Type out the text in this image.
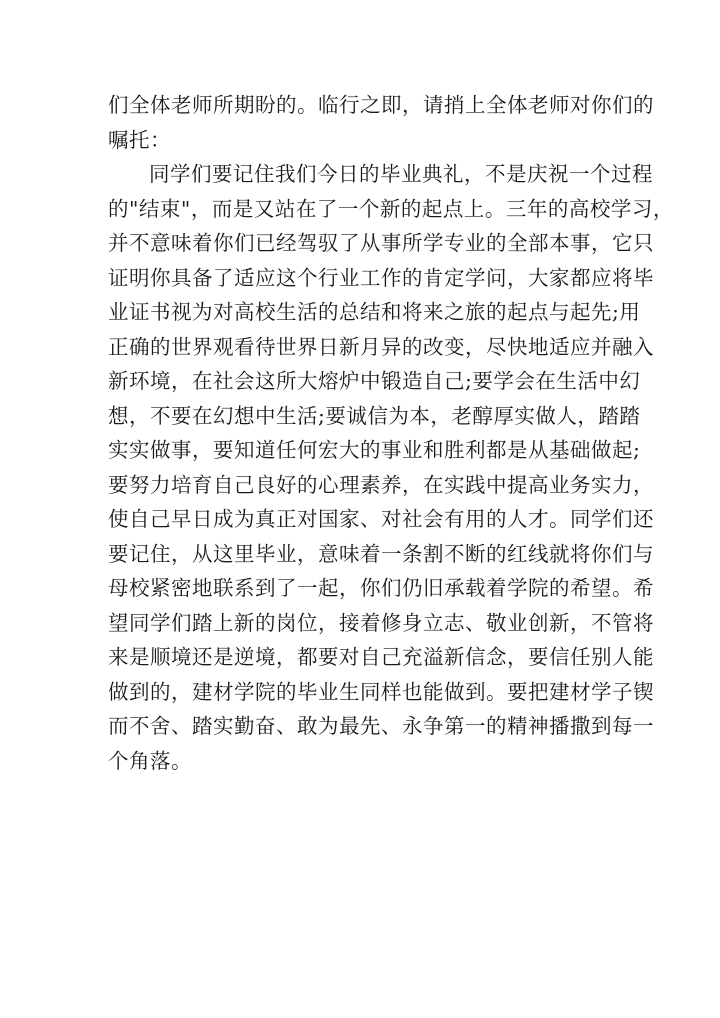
们全体老师所期盼的。临行之即，请捎上全体老师对你们的
嘱托：
同学们要记住我们今日的毕业典礼，不是庆祝一个过程
的"结束"，而是又站在了一个新的起点上。三年的高校学习，
并不意味着你们已经驾驭了从事所学专业的全部本事，它只
证明你具备了适应这个行业工作的肯定学问，大家都应将毕
业证书视为对高校生活的总结和将来之旅的起点与起先;用
正确的世界观看待世界日新月异的改变，尽快地适应并融入
新环境，在社会这所大熔炉中锻造自己;要学会在生活中幻
想，不要在幻想中生活;要诚信为本，老醇厚实做人，踏踏
实实做事，要知道任何宏大的事业和胜利都是从基础做起;
要努力培育自己良好的心理素养，在实践中提高业务实力，
使自己早日成为真正对国家、对社会有用的人才。同学们还
要记住，从这里毕业，意味着一条割不断的红线就将你们与
母校紧密地联系到了一起，你们仍旧承载着学院的希望。希
望同学们踏上新的岗位，接着修身立志、敬业创新，不管将
来是顺境还是逆境，都要对自己充溢新信念，要信任别人能
做到的，建材学院的毕业生同样也能做到。要把建材学子锲
而不舍、踏实勤奋、敢为最先、永争第一的精神播撒到每一
个角落。
